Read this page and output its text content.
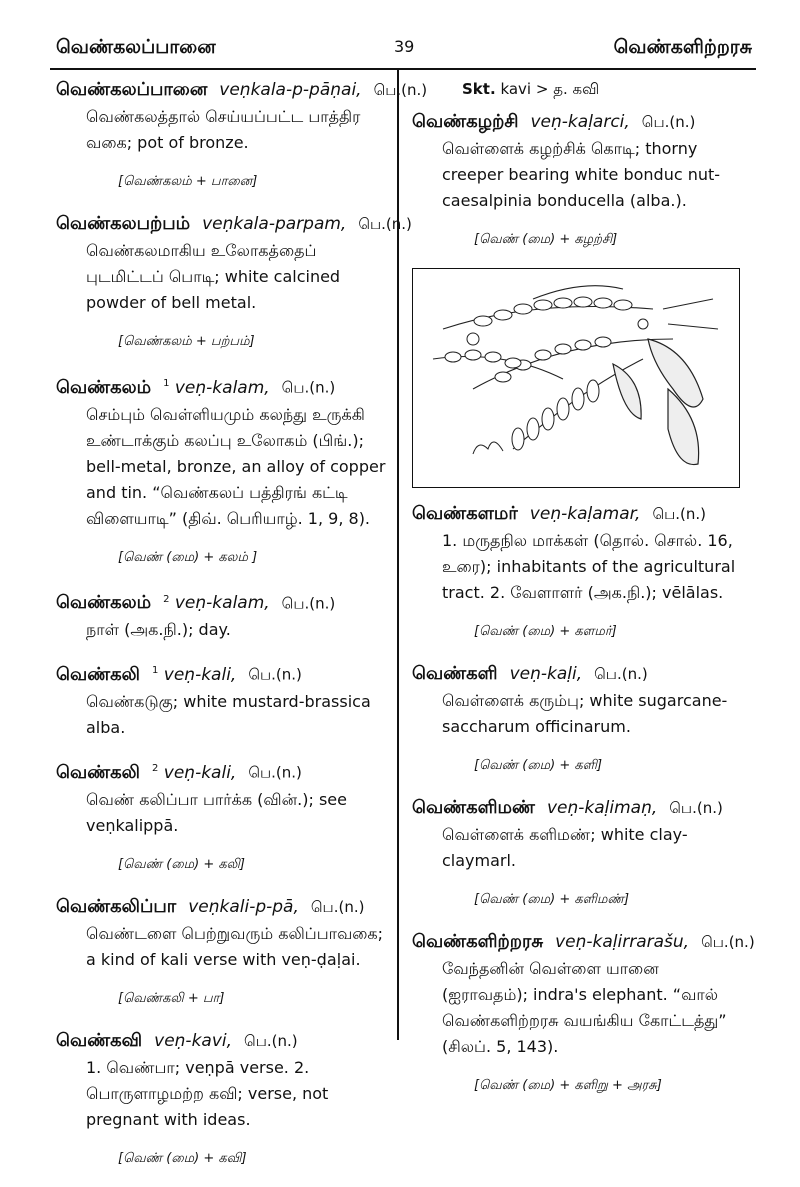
வெண்கலப்பானை	39	வெண்களிற்றரசு
வெண்கலப்பானை veṇkala-p-pāṇai, பெ.(n.)
வெண்கலத்தால் செய்யப்பட்ட பாத்திர வகை; pot of bronze.
[வெண்கலம் + பானை]
வெண்கலபற்பம் veṇkala-parpam, பெ.(n.)
வெண்கலமாகிய உலோகத்தைப் புடமிட்டப் பொடி; white calcined powder of bell metal.
[வெண்கலம் + பற்பம்]
வெண்கலம் $^1$ veṇ-kalam, பெ.(n.)
செம்பும் வெள்ளியமும் கலந்து உருக்கி உண்டாக்கும் கலப்பு உலோகம் (பிங்.); bell-metal, bronze, an alloy of copper and tin. “வெண்கலப் பத்திரங் கட்டி விளையாடி” (திவ். பெரியாழ். 1, 9, 8).
[வெண் (மை) + கலம் ]
வெண்கலம் $^2$ veṇ-kalam, பெ.(n.)
நாள் (அக.நி.); day.
வெண்கலி $^1$ veṇ-kali, பெ.(n.)
வெண்கடுகு; white mustard-brassica alba.
வெண்கலி $^2$ veṇ-kali, பெ.(n.)
வெண் கலிப்பா பார்க்க (வின்.); see veṇkalippā.
[வெண் (மை) + கலி]
வெண்கலிப்பா veṇkali-p-pā, பெ.(n.)
வெண்டளை பெற்றுவரும் கலிப்பாவகை; a kind of kali verse with veṇ-ḍaḷai.
[வெண்கலி + பா]
வெண்கவி veṇ-kavi, பெ.(n.)
1. வெண்பா; veṇpā verse. 2. பொருளாழமற்ற கவி; verse, not pregnant with ideas.
[வெண் (மை) + கவி]
Skt. kavi > த. கவி
வெண்கழற்சி veṇ-kaḷarci, பெ.(n.)
வெள்ளைக் கழற்சிக் கொடி; thorny creeper bearing white bonduc nut-caesalpinia bonducella (alba.).
[வெண் (மை) + கழற்சி]
வெண்களமர் veṇ-kaḷamar, பெ.(n.)
1. மருதநில மாக்கள் (தொல். சொல். 16, உரை); inhabitants of the agricultural tract. 2. வேளாளர் (அக.நி.); vēlālas.
[வெண் (மை) + களமர்]
வெண்களி veṇ-kaḷi, பெ.(n.)
வெள்ளைக் கரும்பு; white sugarcane-saccharum officinarum.
[வெண் (மை) + களி]
வெண்களிமண் veṇ-kaḷimaṇ, பெ.(n.)
வெள்ளைக் களிமண்; white clay-claymarl.
[வெண் (மை) + களிமண்]
வெண்களிற்றரசு veṇ-kaḷirrarašu, பெ.(n.)
வேந்தனின் வெள்ளை யானை (ஐராவதம்); indra's elephant. “வால் வெண்களிற்றரசு வயங்கிய கோட்டத்து” (சிலப். 5, 143).
[வெண் (மை) + களிறு + அரசு]
